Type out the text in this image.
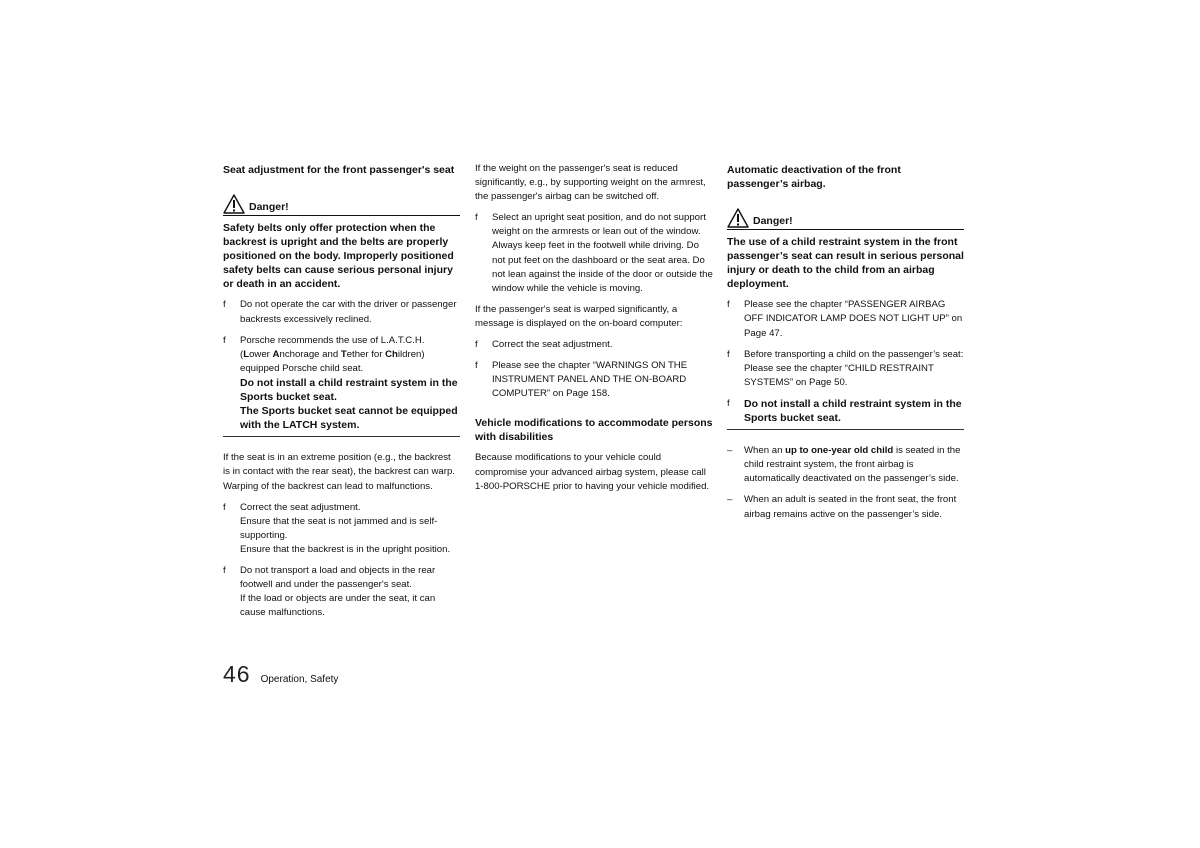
Seat adjustment for the front passenger's seat
Danger!

Safety belts only offer protection when the backrest is upright and the belts are properly positioned on the body. Improperly positioned safety belts can cause serious personal injury or death in an accident.

f	Do not operate the car with the driver or passenger backrests excessively reclined.

f	Porsche recommends the use of L.A.T.C.H.

(Lower Anchorage and Tether for Children)

equipped Porsche child seat.

Do not install a child restraint system in the Sports bucket seat.

The Sports bucket seat cannot be equipped with the LATCH system.

If the seat is in an extreme position (e.g., the backrest is in contact with the rear seat), the backrest can warp. Warping of the backrest can lead to malfunctions.

f	Correct the seat adjustment.

Ensure that the seat is not jammed and is self-supporting.

Ensure that the backrest is in the upright position.

f	Do not transport a load and objects in the rear footwell and under the passenger's seat.

If the load or objects are under the seat, it can cause malfunctions.

If the weight on the passenger's seat is reduced significantly, e.g., by supporting weight on the armrest, the passenger's airbag can be switched off.

f	Select an upright seat position, and do not support weight on the armrests or lean out of the window.

Always keep feet in the footwell while driving. Do not put feet on the dashboard or the seat area. Do not lean against the inside of the door or outside the window while the vehicle is moving.

If the passenger's seat is warped significantly, a message is displayed on the on-board computer:

f	Correct the seat adjustment.

f	Please see the chapter “WARNINGS ON THE INSTRUMENT PANEL AND THE ON-BOARD COMPUTER” on Page 158.

Vehicle modifications to accommodate persons with disabilities

Because modifications to your vehicle could compromise your advanced airbag system, please call 1-800-PORSCHE prior to having your vehicle modified.

Automatic deactivation of the front passenger’s airbag.
Danger!

The use of a child restraint system in the front passenger’s seat can result in serious personal injury or death to the child from an airbag deployment.

f	Please see the chapter “PASSENGER AIRBAG OFF INDICATOR LAMP DOES NOT LIGHT UP” on Page 47.

f	Before transporting a child on the passenger’s seat:

Please see the chapter “CHILD RESTRAINT SYSTEMS” on Page 50.

f	Do not install a child restraint system in the Sports bucket seat.

–	When an up to one-year old child is seated in the child restraint system, the front airbag is automatically deactivated on the passenger’s side.

–	When an adult is seated in the front seat, the front airbag remains active on the passenger’s side.

46 Operation, Safety
